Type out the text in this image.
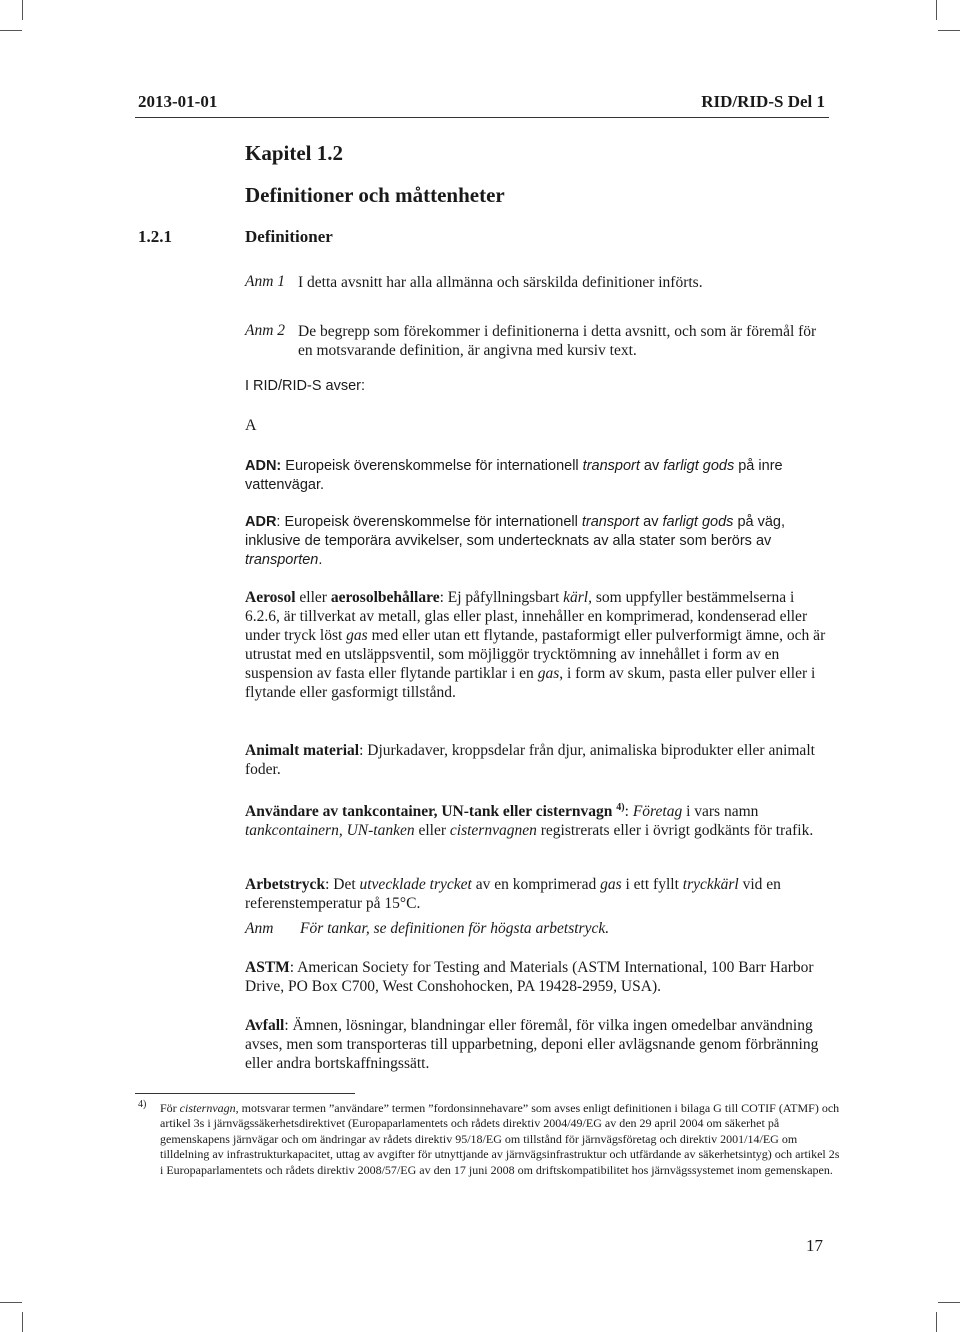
2013-01-01	RID/RID-S Del 1
Kapitel 1.2
Definitioner och måttenheter
1.2.1	Definitioner
Anm 1 I detta avsnitt har alla allmänna och särskilda definitioner införts.
Anm 2 De begrepp som förekommer i definitionerna i detta avsnitt, och som är föremål för en motsvarande definition, är angivna med kursiv text.
I RID/RID-S avser:
A
ADN: Europeisk överenskommelse för internationell transport av farligt gods på inre vattenvägar.
ADR: Europeisk överenskommelse för internationell transport av farligt gods på väg, inklusive de temporära avvikelser, som undertecknats av alla stater som berörs av transporten.
Aerosol eller aerosolbehållare: Ej påfyllningsbart kärl, som uppfyller bestämmelserna i 6.2.6, är tillverkat av metall, glas eller plast, innehåller en komprimerad, kondenserad eller under tryck löst gas med eller utan ett flytande, pastaformigt eller pulverformigt ämne, och är utrustat med en utsläppsventil, som möjliggör trycktömning av innehållet i form av en suspension av fasta eller flytande partiklar i en gas, i form av skum, pasta eller pulver eller i flytande eller gasformigt tillstånd.
Animalt material: Djurkadaver, kroppsdelar från djur, animaliska biprodukter eller animalt foder.
Användare av tankcontainer, UN-tank eller cisternvagn $^{4)}$: Företag i vars namn tankcontainern, UN-tanken eller cisternvagnen registrerats eller i övrigt godkänts för trafik.
Arbetstryck: Det utvecklade trycket av en komprimerad gas i ett fyllt tryckkärl vid en referenstemperatur på 15°C.
Anm För tankar, se definitionen för högsta arbetstryck.
ASTM: American Society for Testing and Materials (ASTM International, 100 Barr Harbor Drive, PO Box C700, West Conshohocken, PA 19428-2959, USA).
Avfall: Ämnen, lösningar, blandningar eller föremål, för vilka ingen omedelbar användning avses, men som transporteras till upparbetning, deponi eller avlägsnande genom förbränning eller andra bortskaffningssätt.
4) För cisternvagn, motsvarar termen ”användare” termen ”fordonsinnehavare” som avses enligt definitionen i bilaga G till COTIF (ATMF) och artikel 3s i järnvägssäkerhetsdirektivet (Europaparlamentets och rådets direktiv 2004/49/EG av den 29 april 2004 om säkerhet på gemenskapens järnvägar och om ändringar av rådets direktiv 95/18/EG om tillstånd för järnvägsföretag och direktiv 2001/14/EG om tilldelning av infrastrukturkapacitet, uttag av avgifter för utnyttjande av järnvägsinfrastruktur och utfärdande av säkerhetsintyg) och artikel 2s i Europaparlamentets och rådets direktiv 2008/57/EG av den 17 juni 2008 om driftskompatibilitet hos järnvägssystemet inom gemenskapen.
17
